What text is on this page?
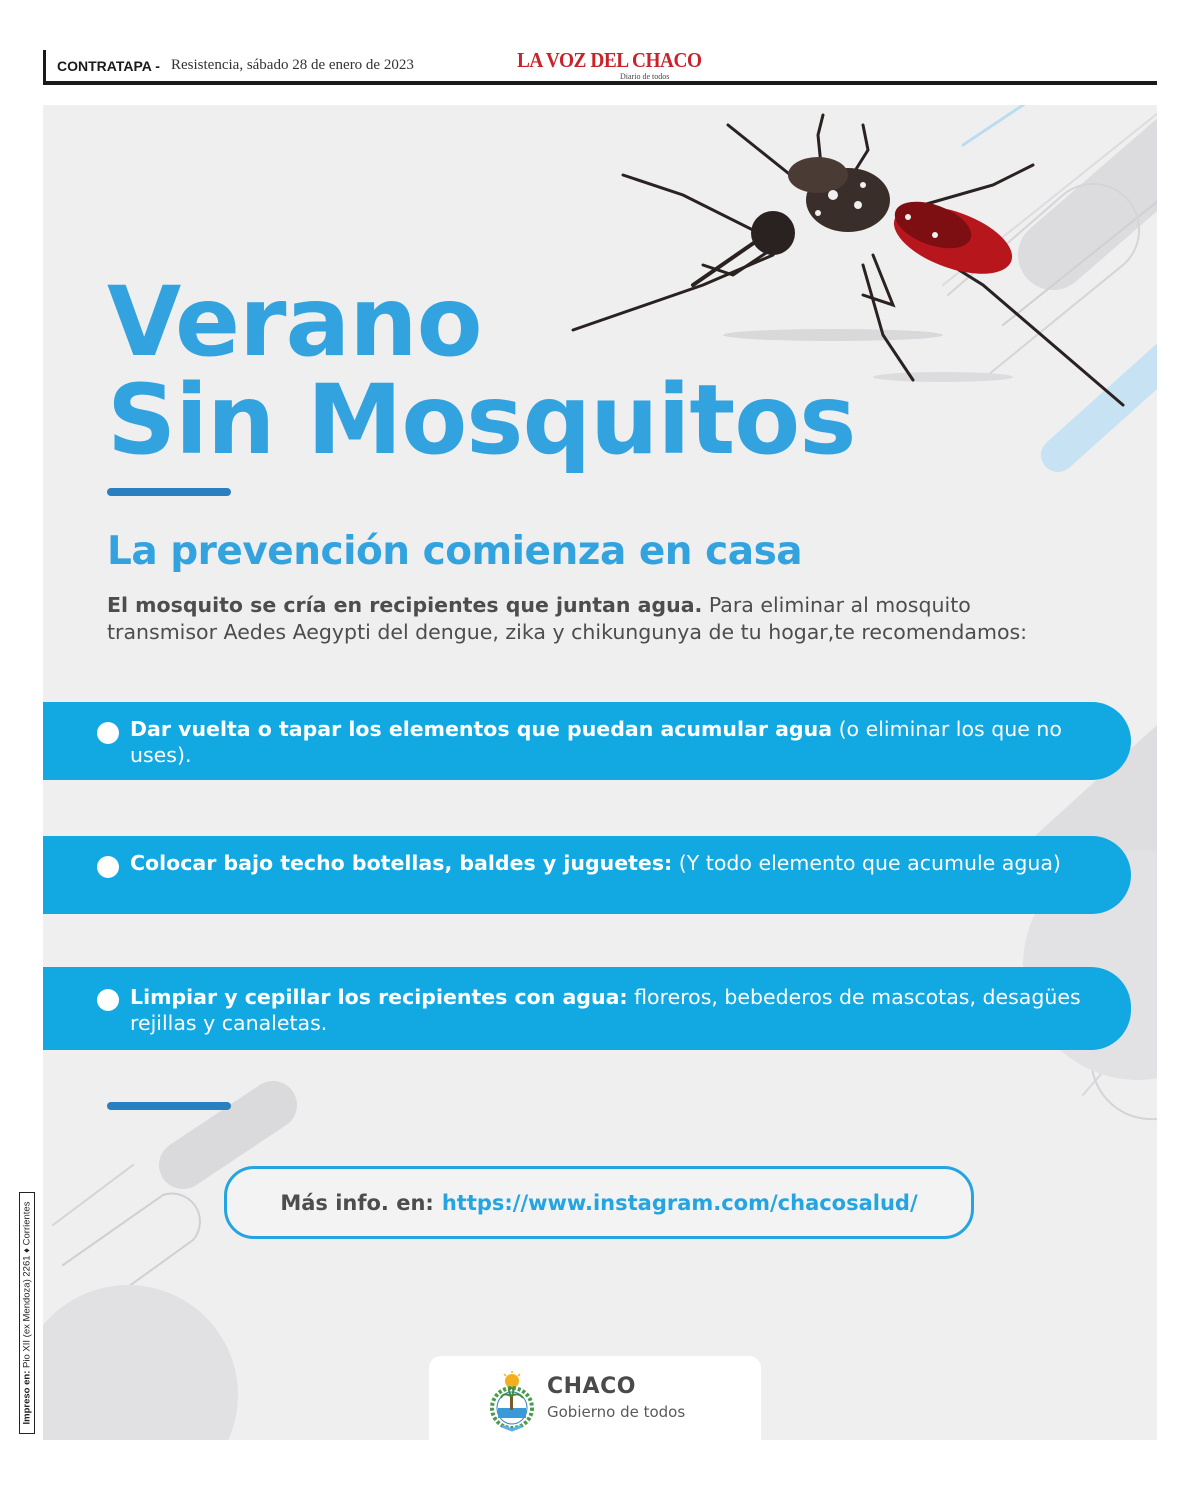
CONTRATAPA - Resistencia, sábado 28 de enero de 2023	LA VOZ DEL CHACO
Diario de todos
Impreso en: Pio XII (ex Mendoza) 2261 ♦ Corrientes
Verano
Sin Mosquitos
La prevención comienza en casa

El mosquito se cría en recipientes que juntan agua. Para eliminar al mosquito transmisor Aedes Aegypti del dengue, zika y chikungunya de tu hogar,te recomendamos:

Dar vuelta o tapar los elementos que puedan acumular agua (o eliminar los que no uses).
Colocar bajo techo botellas, baldes y juguetes: (Y todo elemento que acumule agua)
Limpiar y cepillar los recipientes con agua: floreros, bebederos de mascotas, desagües rejillas y canaletas.
Más info. en: https://www.instagram.com/chacosalud/
CHACO
Gobierno de todos
